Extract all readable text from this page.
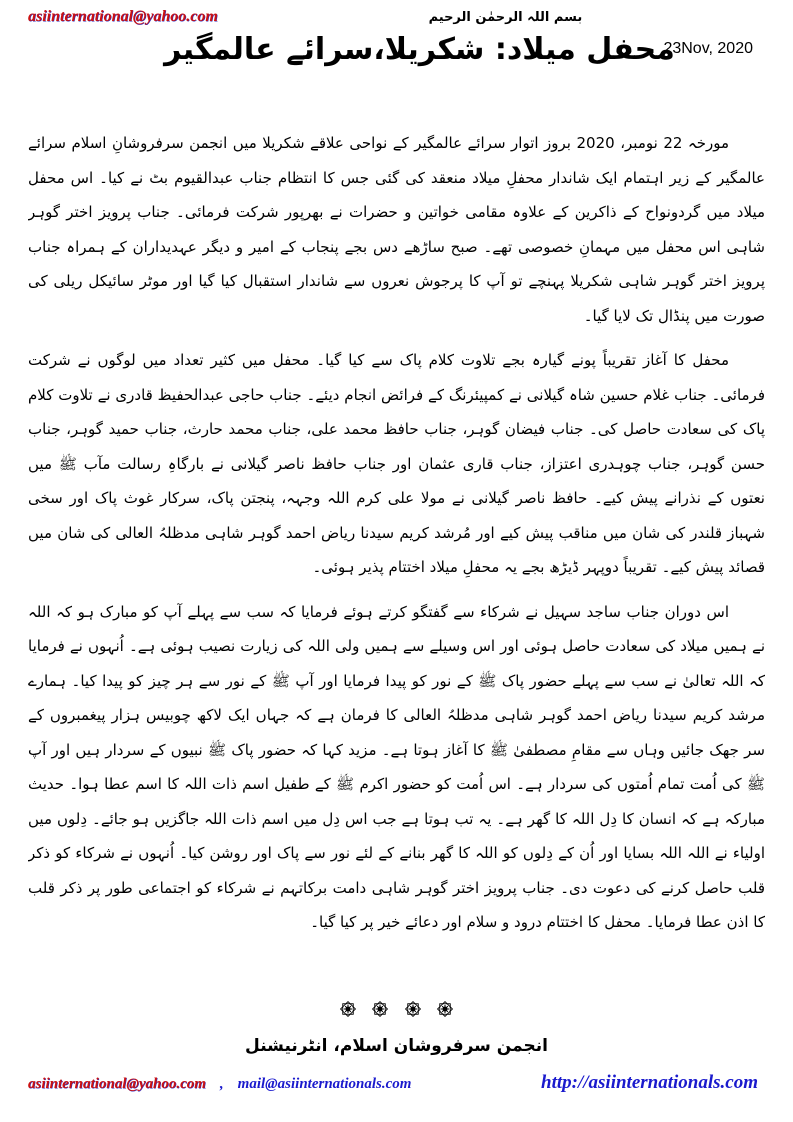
asiinternational@yahoo.com	بسم اللہ الرحمٰن الرحیم
محفل میلاد: شکریلا،سرائے عالمگیر
23Nov, 2020

مورخہ 22 نومبر، 2020 بروز اتوار سرائے عالمگیر کے نواحی علاقے شکریلا میں انجمن سرفروشانِ اسلام سرائے عالمگیر کے زیر اہتمام ایک شاندار محفلِ میلاد منعقد کی گئی جس کا انتظام جناب عبدالقیوم بٹ نے کیا۔ اس محفل میلاد میں گردونواح کے ذاکرین کے علاوہ مقامی خواتین و حضرات نے بھرپور شرکت فرمائی۔ جناب پرویز اختر گوہر شاہی اس محفل میں مہمانِ خصوصی تھے۔ صبح ساڑھے دس بجے پنجاب کے امیر و دیگر عہدیداران کے ہمراہ جناب پرویز اختر گوہر شاہی شکریلا پہنچے تو آپ کا پرجوش نعروں سے شاندار استقبال کیا گیا اور موٹر سائیکل ریلی کی صورت میں پنڈال تک لایا گیا۔

محفل کا آغاز تقریباً پونے گیارہ بجے تلاوت کلام پاک سے کیا گیا۔ محفل میں کثیر تعداد میں لوگوں نے شرکت فرمائی۔ جناب غلام حسین شاہ گیلانی نے کمپیئرنگ کے فرائض انجام دیئے۔ جناب حاجی عبدالحفیظ قادری نے تلاوت کلام پاک کی سعادت حاصل کی۔ جناب فیضان گوہر، جناب حافظ محمد علی، جناب محمد حارث، جناب حمید گوہر، جناب حسن گوہر، جناب چوہدری اعتزاز، جناب قاری عثمان اور جناب حافظ ناصر گیلانی نے بارگاہِ رسالت مآب ﷺ میں نعتوں کے نذرانے پیش کیے۔ حافظ ناصر گیلانی نے مولا علی کرم اللہ وجہہ، پنجتن پاک، سرکار غوث پاک اور سخی شہباز قلندر کی شان میں مناقب پیش کیے اور مُرشد کریم سیدنا ریاض احمد گوہر شاہی مدظلہُ العالی کی شان میں قصائد پیش کیے۔ تقریباً دوپہر ڈیڑھ بجے یہ محفلِ میلاد اختتام پذیر ہوئی۔

اس دوران جناب ساجد سہیل نے شرکاء سے گفتگو کرتے ہوئے فرمایا کہ سب سے پہلے آپ کو مبارک ہو کہ اللہ نے ہمیں میلاد کی سعادت حاصل ہوئی اور اس وسیلے سے ہمیں ولی اللہ کی زیارت نصیب ہوئی ہے۔ اُنہوں نے فرمایا کہ اللہ تعالیٰ نے سب سے پہلے حضور پاک ﷺ کے نور کو پیدا فرمایا اور آپ ﷺ کے نور سے ہر چیز کو پیدا کیا۔ ہمارے مرشد کریم سیدنا ریاض احمد گوہر شاہی مدظلہُ العالی کا فرمان ہے کہ جہاں ایک لاکھ چوبیس ہزار پیغمبروں کے سر جھک جائیں وہاں سے مقامِ مصطفیٰ ﷺ کا آغاز ہوتا ہے۔ مزید کہا کہ حضور پاک ﷺ نبیوں کے سردار ہیں اور آپ ﷺ کی اُمت تمام اُمتوں کی سردار ہے۔ اس اُمت کو حضور اکرم ﷺ کے طفیل اسم ذات اللہ کا اسم عطا ہوا۔ حدیث مبارکہ ہے کہ انسان کا دِل اللہ کا گھر ہے۔ یہ تب ہوتا ہے جب اس دِل میں اسم ذات اللہ جاگزیں ہو جائے۔ دِلوں میں اولیاء نے اللہ اللہ بسایا اور اُن کے دِلوں کو اللہ کا گھر بنانے کے لئے نور سے پاک اور روشن کیا۔ اُنہوں نے شرکاء کو ذکر قلب حاصل کرنے کی دعوت دی۔ جناب پرویز اختر گوہر شاہی دامت برکاتہم نے شرکاء کو اجتماعی طور پر ذکر قلب کا اذن عطا فرمایا۔ محفل کا اختتام درود و سلام اور دعائے خیر پر کیا گیا۔

انجمن سرفروشان اسلام، انٹرنیشنل
asiinternational@yahoo.com , mail@asiinternationals.com	http://asiinternationals.com
